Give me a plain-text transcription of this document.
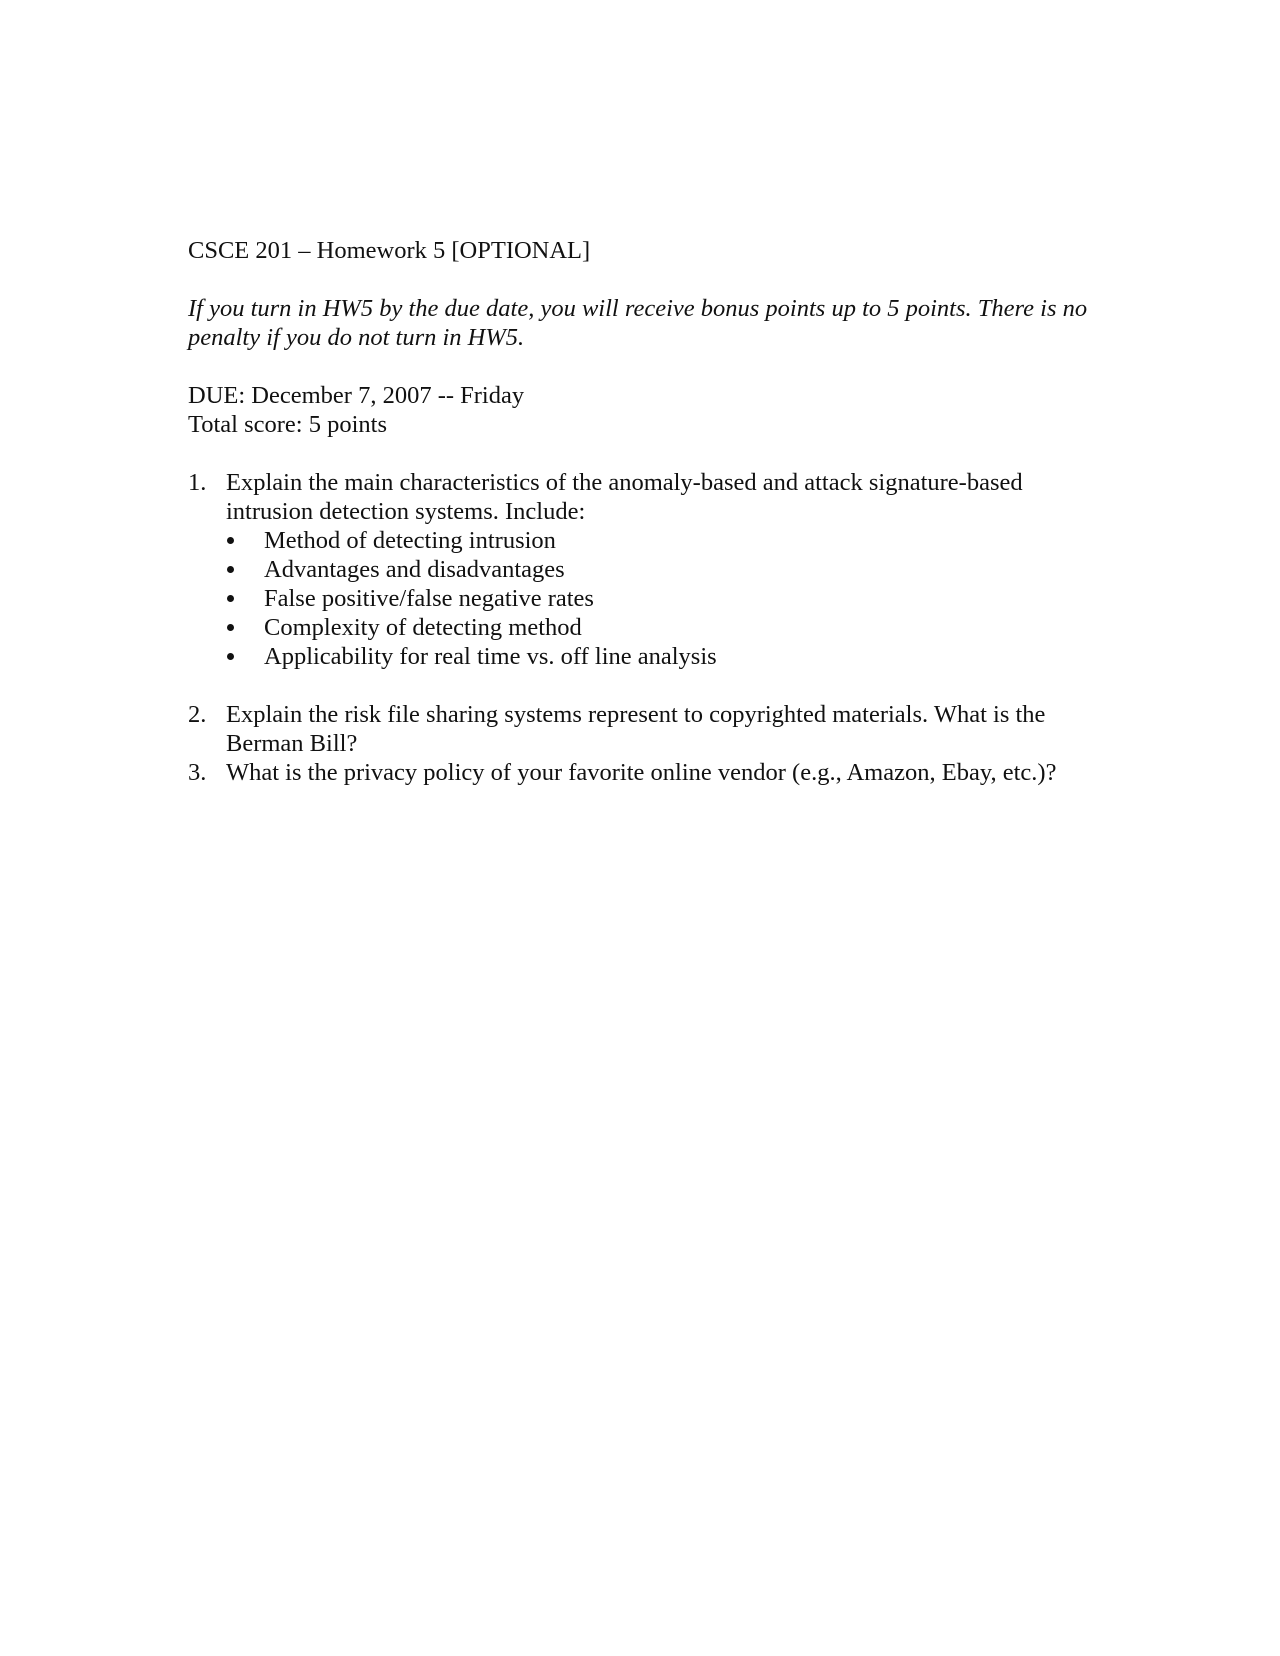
CSCE 201 – Homework 5 [OPTIONAL]
If you turn in HW5 by the due date, you will receive bonus points up to 5 points. There is no penalty if you do not turn in HW5.
DUE: December 7, 2007 -- Friday
Total score: 5 points
1. Explain the main characteristics of the anomaly-based and attack signature-based intrusion detection systems. Include:
Method of detecting intrusion
Advantages and disadvantages
False positive/false negative rates
Complexity of detecting method
Applicability for real time vs. off line analysis
2. Explain the risk file sharing systems represent to copyrighted materials. What is the Berman Bill?
3. What is the privacy policy of your favorite online vendor (e.g., Amazon, Ebay, etc.)?
